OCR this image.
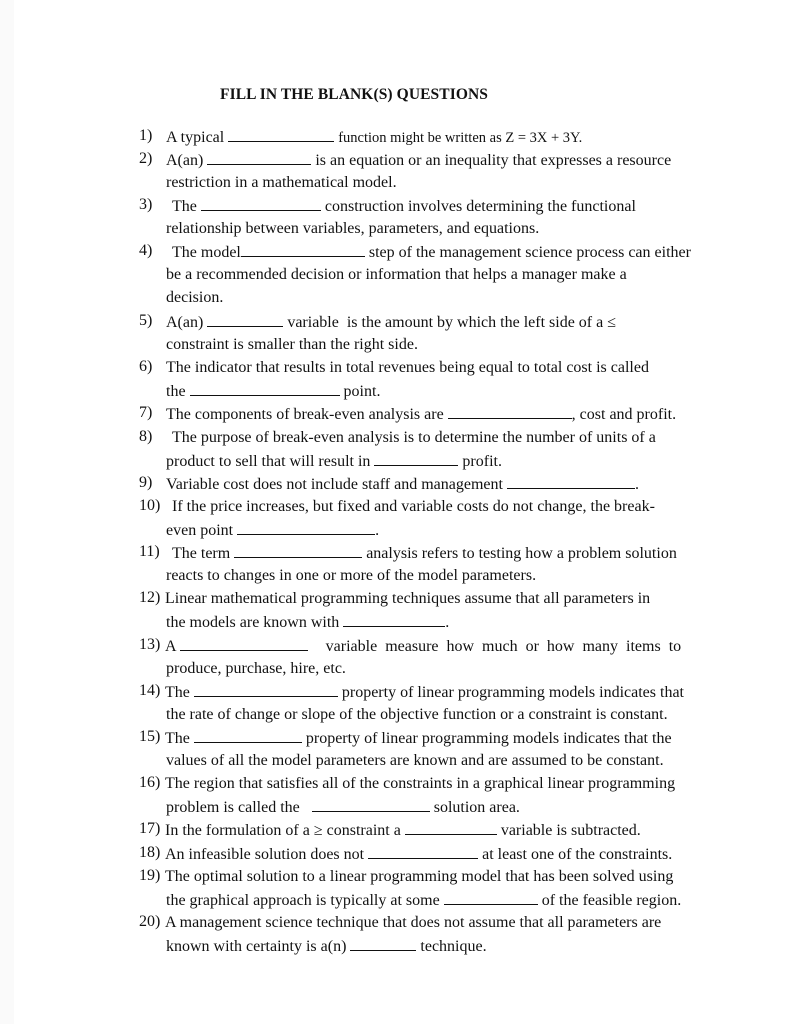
FILL IN THE BLANK(S) QUESTIONS
1) A typical	function might be written as Z = 3X + 3Y.
2) A(an)	is an equation or an inequality that expresses a resource
restriction in a mathematical model.
3) The	construction involves determining the functional
relationship between variables, parameters, and equations.
4) The model	step of the management science process can either
be a recommended decision or information that helps a manager make a
decision.
5) A(an)	variable  is the amount by which the left side of a ≤
constraint is smaller than the right side.
6) The indicator that results in total revenues being equal to total cost is called
the	point.
7) The components of break-even analysis are	, cost and profit.
8) The purpose of break-even analysis is to determine the number of units of a
product to sell that will result in	profit.
9) Variable cost does not include staff and management	.
10) If the price increases, but fixed and variable costs do not change, the break-
even point	.
11) The term	analysis refers to testing how a problem solution
reacts to changes in one or more of the model parameters.
12) Linear mathematical programming techniques assume that all parameters in
the models are known with	.
13) A	variable  measure  how  much  or  how  many  items  to
produce, purchase, hire, etc.
14) The	property of linear programming models indicates that
the rate of change or slope of the objective function or a constraint is constant.
15) The	property of linear programming models indicates that the
values of all the model parameters are known and are assumed to be constant.
16) The region that satisfies all of the constraints in a graphical linear programming
problem is called the	solution area.
17) In the formulation of a ≥ constraint a	variable is subtracted.
18) An infeasible solution does not	at least one of the constraints.
19) The optimal solution to a linear programming model that has been solved using
the graphical approach is typically at some	of the feasible region.
20) A management science technique that does not assume that all parameters are
known with certainty is a(n)	technique.
